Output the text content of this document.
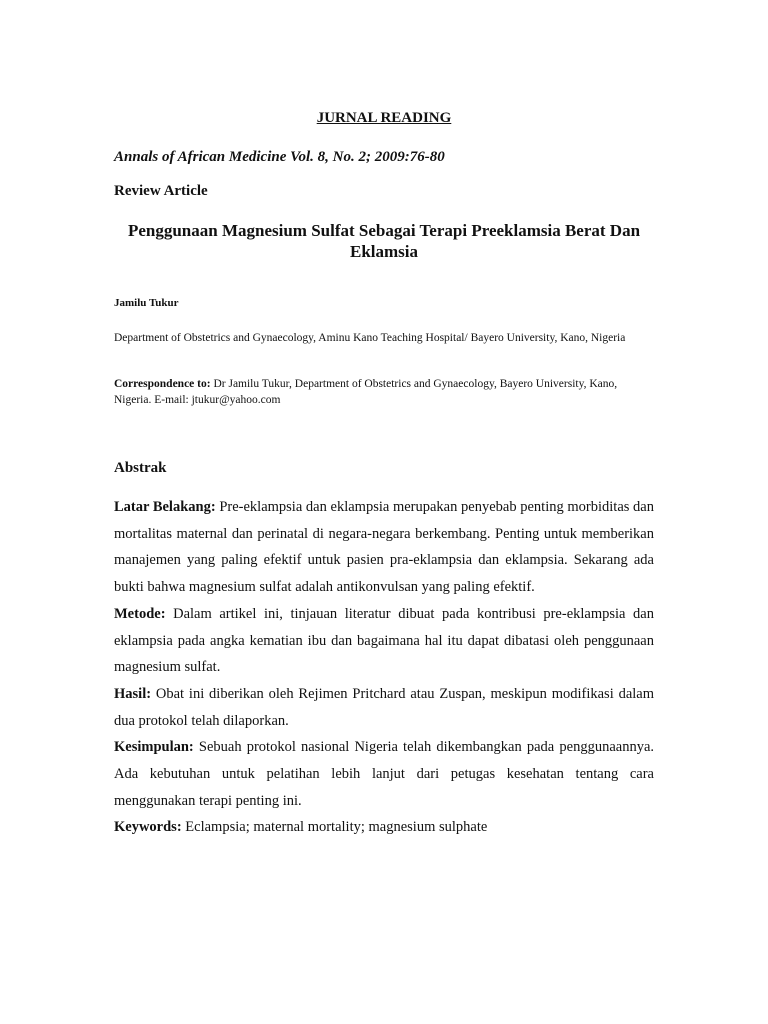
JURNAL READING
Annals of African Medicine Vol. 8, No. 2; 2009:76-80
Review Article
Penggunaan Magnesium Sulfat Sebagai Terapi Preeklamsia Berat Dan Eklamsia
Jamilu Tukur
Department of Obstetrics and Gynaecology, Aminu Kano Teaching Hospital/ Bayero University, Kano, Nigeria
Correspondence to: Dr Jamilu Tukur, Department of Obstetrics and Gynaecology, Bayero University, Kano, Nigeria. E-mail: jtukur@yahoo.com
Abstrak

Latar Belakang: Pre-eklampsia dan eklampsia merupakan penyebab penting morbiditas dan mortalitas maternal dan perinatal di negara-negara berkembang. Penting untuk memberikan manajemen yang paling efektif untuk pasien pra-eklampsia dan eklampsia. Sekarang ada bukti bahwa magnesium sulfat adalah antikonvulsan yang paling efektif.

Metode: Dalam artikel ini, tinjauan literatur dibuat pada kontribusi pre-eklampsia dan eklampsia pada angka kematian ibu dan bagaimana hal itu dapat dibatasi oleh penggunaan magnesium sulfat.

Hasil: Obat ini diberikan oleh Rejimen Pritchard atau Zuspan, meskipun modifikasi dalam dua protokol telah dilaporkan.

Kesimpulan: Sebuah protokol nasional Nigeria telah dikembangkan pada penggunaannya. Ada kebutuhan untuk pelatihan lebih lanjut dari petugas kesehatan tentang cara menggunakan terapi penting ini.

Keywords: Eclampsia; maternal mortality; magnesium sulphate
